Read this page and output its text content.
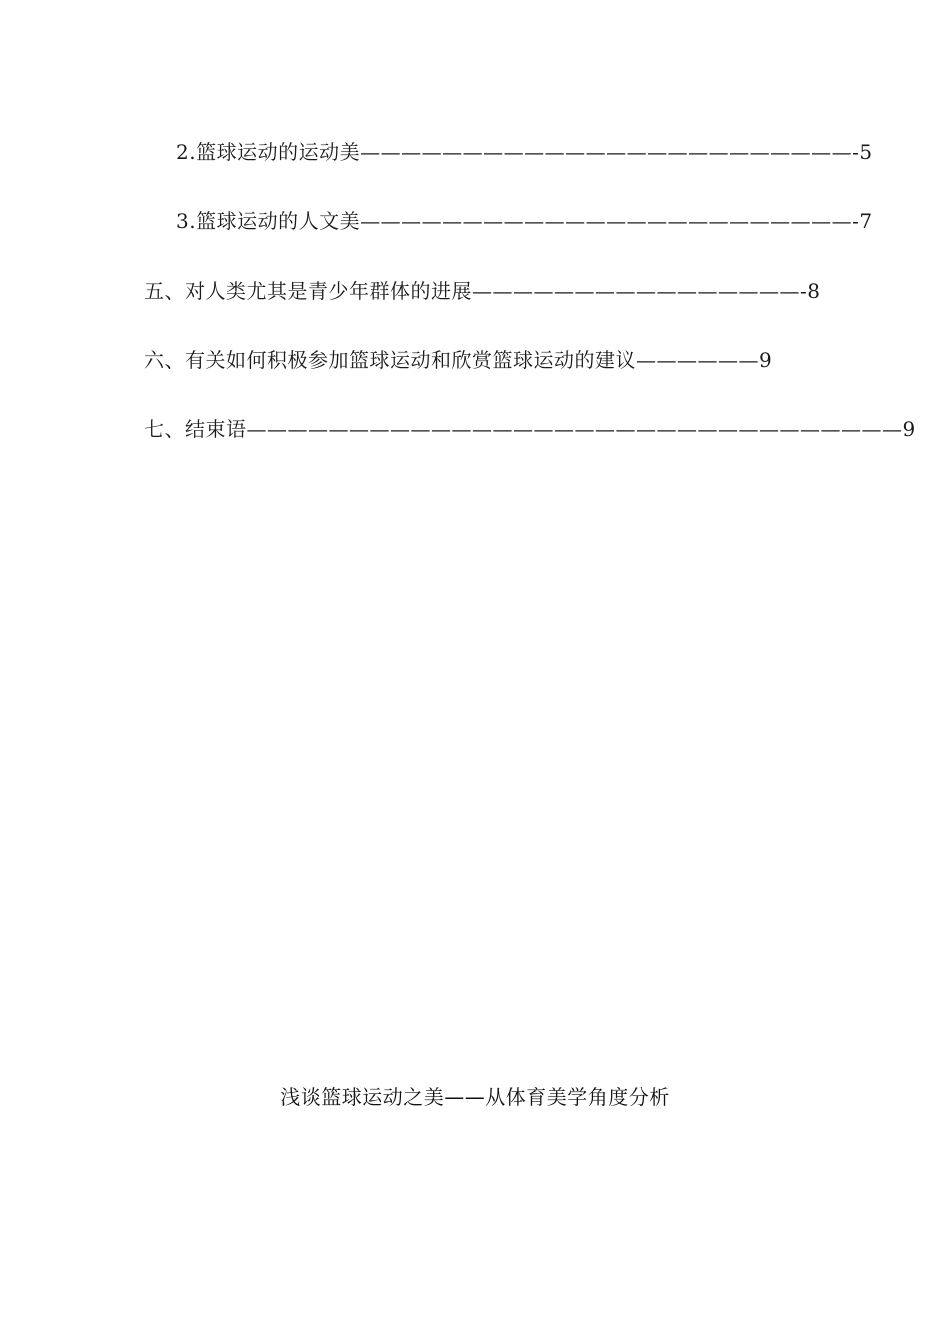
2.篮球运动的运动美————————————————————————-5
3.篮球运动的人文美————————————————————————-7
五、对人类尤其是青少年群体的进展————————————————-8
六、有关如何积极参加篮球运动和欣赏篮球运动的建议——————9
七、结束语————————————————————————————————9
浅谈篮球运动之美——从体育美学角度分析
